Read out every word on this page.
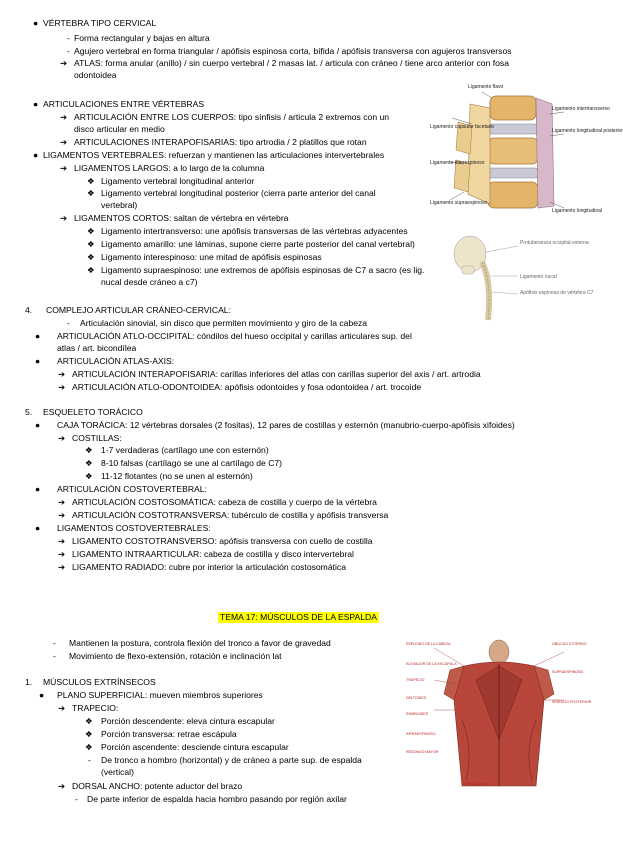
● VÉRTEBRA TIPO CERVICAL
- Forma rectangular y bajas en altura
- Agujero vertebral en forma triangular / apófisis espinosa corta, bífida / apófisis transversa con agujeros transversos
➔ ATLAS: forma anular (anillo) / sin cuerpo vertebral / 2 masas lat. / articula con cráneo / tiene arco anterior con fosa
odontoidea
● ARTICULACIONES ENTRE VÉRTEBRAS
➔ ARTICULACIÓN ENTRE LOS CUERPOS: tipo sínfisis / articula 2 extremos con un
disco articular en medio
➔ ARTICULACIONES INTERAPOFISARIAS: tipo artrodia / 2 platillos que rotan
● LIGAMENTOS VERTEBRALES: refuerzan y mantienen las articulaciones intervertebrales
➔ LIGAMENTOS LARGOS: a lo largo de la columna
❖ Ligamento vertebral longitudinal anterior
❖ Ligamento vertebral longitudinal posterior (cierra parte anterior del canal
vertebral)
➔ LIGAMENTOS CORTOS: saltan de vértebra en vértebra
❖ Ligamento intertransverso: une apófisis transversas de las vértebras adyacentes
❖ Ligamento amarillo: une láminas, supone cierre parte posterior del canal vertebral)
❖ Ligamento interespinoso: une mitad de apófisis espinosas
❖ Ligamento supraespinoso: une extremos de apófisis espinosas de C7 a sacro (es lig.
nucal desde cráneo a c7)
4. COMPLEJO ARTICULAR CRÁNEO-CERVICAL:
- Articulación sinovial, sin disco que permiten movimiento y giro de la cabeza
● ARTICULACIÓN ATLO-OCCIPITAL: cóndilos del hueso occipital y carillas articulares sup. del
atlas / art. bicondílea
● ARTICULACIÓN ATLAS-AXIS:
➔ ARTICULACIÓN INTERAPOFISARIA: carillas inferiores del atlas con carillas superior del axis / art. artrodia
➔ ARTICULACIÓN ATLO-ODONTOIDEA: apófisis odontoides y fosa odontoidea / art. trocoide
5. ESQUELETO TORÁCICO
● CAJA TORÁCICA: 12 vértebras dorsales (2 fositas), 12 pares de costillas y esternón (manubrio-cuerpo-apófisis xifoides)
➔ COSTILLAS:
❖ 1-7 verdaderas (cartílago une con esternón)
❖ 8-10 falsas (cartílago se une al cartílago de C7)
❖ 11-12 flotantes (no se unen al esternón)
● ARTICULACIÓN COSTOVERTEBRAL:
➔ ARTICULACIÓN COSTOSOMÁTICA: cabeza de costilla y cuerpo de la vértebra
➔ ARTICULACIÓN COSTOTRANSVERSA: tubérculo de costilla y apófisis transversa
● LIGAMENTOS COSTOVERTEBRALES:
➔ LIGAMENTO COSTOTRANSVERSO: apófisis transversa con cuello de costilla
➔ LIGAMENTO INTRAARTICULAR: cabeza de costilla y disco intervertebral
➔ LIGAMENTO RADIADO: cubre por interior la articulación costosomática
TEMA 17: MÚSCULOS DE LA ESPALDA
- Mantienen la postura, controla flexión del tronco a favor de gravedad
- Movimiento de flexo-extensión, rotación e inclinación lat
1. MÚSCULOS EXTRÍNSECOS
● PLANO SUPERFICIAL: mueven miembros superiores
➔ TRAPECIO:
❖ Porción descendente: eleva cintura escapular
❖ Porción transversa: retrae escápula
❖ Porción ascendente: desciende cintura escapular
- De tronco a hombro (horizontal) y de cráneo a parte sup. de espalda
(vertical)
➔ DORSAL ANCHO: potente aductor del brazo
- De parte inferior de espalda hacia hombro pasando por región axilar
Ligamento flavo
Ligamento capsular facetario
Ligamento interespinoso
Ligamento supraespinoso
Ligamento intertransverso
Ligamento longitudinal posterior
Ligamento longitudinal
Protuberancia occipital externa
Ligamento nucal
Apófisis espinosa de vértebra C7
ESPLENIO DE LA CABEZA
ELEVADOR DE LA ESCÁPULA
TRAPECIO
DELTOIDES
ROMBOIDES
INFRAESPINOSO
REDONDO MAYOR
DORSAL ANCHO
OBLICUO EXTERNO
SUPRAESPINOSO
SERRATO POSTERIOR
